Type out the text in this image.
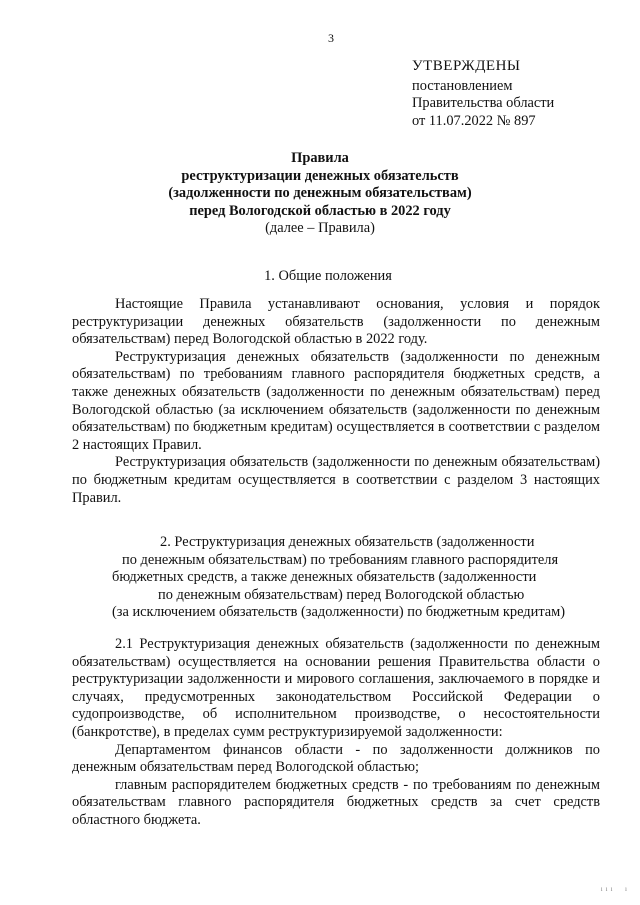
3
УТВЕРЖДЕНЫ
постановлением
Правительства области
от 11.07.2022 № 897
Правила
реструктуризации денежных обязательств
(задолженности по денежным обязательствам)
перед Вологодской областью в 2022 году
(далее – Правила)
1. Общие положения

Настоящие Правила устанавливают основания, условия и порядок реструктуризации денежных обязательств (задолженности по денежным обязательствам) перед Вологодской областью в 2022 году.

Реструктуризация денежных обязательств (задолженности по денежным обязательствам) по требованиям главного распорядителя бюджетных средств, а также денежных обязательств (задолженности по денежным обязательствам) перед Вологодской областью (за исключением обязательств (задолженности по денежным обязательствам) по бюджетным кредитам) осуществляется в соответствии с разделом 2 настоящих Правил.

Реструктуризация обязательств (задолженности по денежным обязательствам) по бюджетным кредитам осуществляется в соответствии с разделом 3 настоящих Правил.

2. Реструктуризация денежных обязательств (задолженности
по денежным обязательствам) по требованиям главного распорядителя
бюджетных средств, а также денежных обязательств (задолженности
по денежным обязательствам) перед Вологодской областью
(за исключением обязательств (задолженности) по бюджетным кредитам)

2.1 Реструктуризация денежных обязательств (задолженности по денежным обязательствам) осуществляется на основании решения Правительства области о реструктуризации задолженности и мирового соглашения, заключаемого в порядке и случаях, предусмотренных законодательством Российской Федерации о судопроизводстве, об исполнительном производстве, о несостоятельности (банкротстве), в пределах сумм реструктуризируемой задолженности:

Департаментом финансов области - по задолженности должников по денежным обязательствам перед Вологодской областью;

главным распорядителем бюджетных средств - по требованиям по денежным обязательствам главного распорядителя бюджетных средств за счет средств областного бюджета.

ııı  ı
